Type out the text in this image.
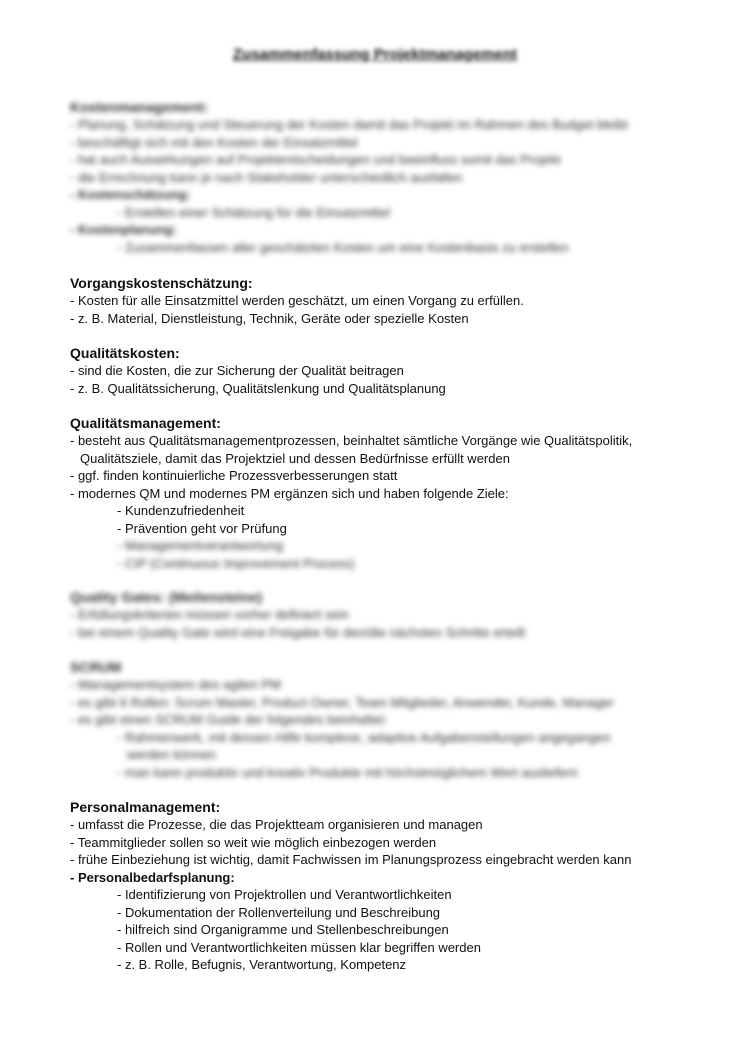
Zusammenfassung Projektmanagement
Kostenmanagement:
- Planung, Schätzung und Steuerung der Kosten damit das Projekt im Rahmen des Budget bleibt
- beschäftigt sich mit den Kosten der Einsatzmittel
- hat auch Auswirkungen auf Projektentscheidungen und beeinfluss somit das Projekt
- die Errechnung kann je nach Stakeholder unterschiedlich ausfallen
- Kostenschätzung:
- Erstellen einer Schätzung für die Einsatzmittel
- Kostenplanung:
- Zusammenfassen aller geschätzten Kosten um eine Kostenbasis zu erstellen
Vorgangskostenschätzung:
- Kosten für alle Einsatzmittel werden geschätzt, um einen Vorgang zu erfüllen.
- z. B. Material, Dienstleistung, Technik, Geräte oder spezielle Kosten
Qualitätskosten:
- sind die Kosten, die zur Sicherung der Qualität beitragen
- z. B. Qualitätssicherung, Qualitätslenkung und Qualitätsplanung
Qualitätsmanagement:
- besteht aus Qualitätsmanagementprozessen, beinhaltet sämtliche Vorgänge wie Qualitätspolitik,
Qualitätsziele, damit das Projektziel und dessen Bedürfnisse erfüllt werden
- ggf. finden kontinuierliche Prozessverbesserungen statt
- modernes QM und modernes PM ergänzen sich und haben folgende Ziele:
- Kundenzufriedenheit
- Prävention geht vor Prüfung
- Managementverantwortung
- CIP (Continuous Improvement Process)
Quality Gates: (Meilensteine)
- Erfüllungskriterien müssen vorher definiert sein
- bei einem Quality Gate wird eine Freigabe für den/die nächsten Schritte erteilt
SCRUM
- Managementsystem des agilen PM
- es gibt 6 Rollen: Scrum Master, Product Owner, Team Mitglieder, Anwender, Kunde, Manager
- es gibt einen SCRUM Guide der folgendes beinhaltet:
- Rahmenwerk, mit dessen Hilfe komplexe, adaptive Aufgabenstellungen angegangen
werden können
- man kann produktiv und kreativ Produkte mit höchstmöglichem Wert ausliefern
Personalmanagement:
- umfasst die Prozesse, die das Projektteam organisieren und managen
- Teammitglieder sollen so weit wie möglich einbezogen werden
- frühe Einbeziehung ist wichtig, damit Fachwissen im Planungsprozess eingebracht werden kann
- Personalbedarfsplanung:
- Identifizierung von Projektrollen und Verantwortlichkeiten
- Dokumentation der Rollenverteilung und Beschreibung
- hilfreich sind Organigramme und Stellenbeschreibungen
- Rollen und Verantwortlichkeiten müssen klar begriffen werden
- z. B. Rolle, Befugnis, Verantwortung, Kompetenz
